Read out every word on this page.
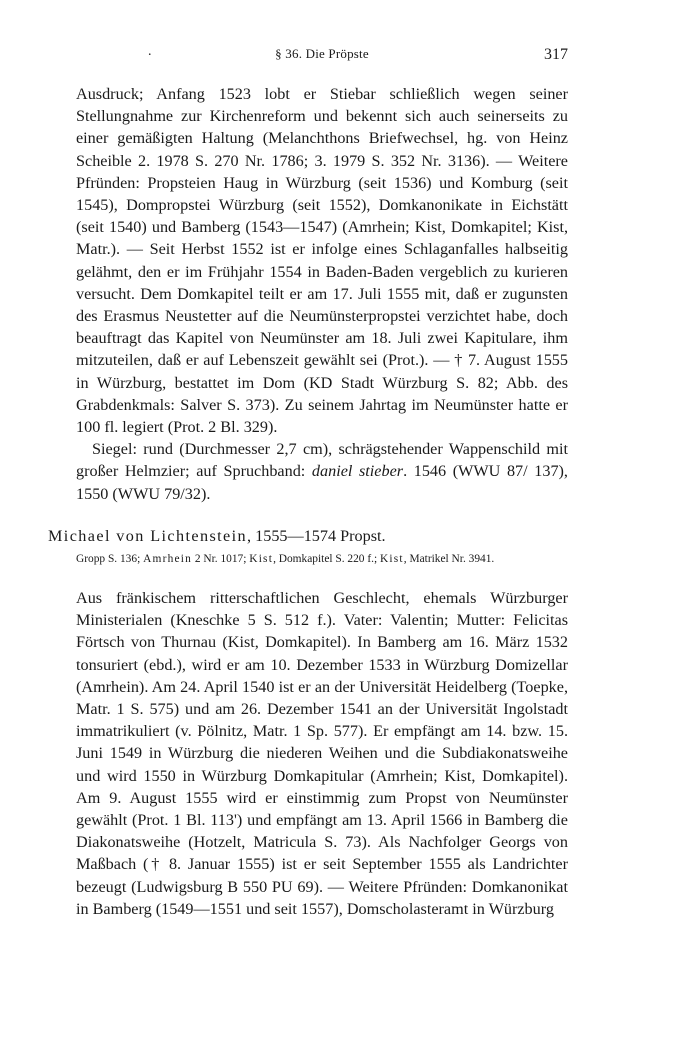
.	§ 36. Die Pröpste	317

Ausdruck; Anfang 1523 lobt er Stiebar schließlich wegen seiner Stellungnahme zur Kirchenreform und bekennt sich auch seinerseits zu einer gemäßigten Haltung (Melanchthons Briefwechsel, hg. von Heinz Scheible 2. 1978 S. 270 Nr. 1786; 3. 1979 S. 352 Nr. 3136). — Weitere Pfründen: Propsteien Haug in Würzburg (seit 1536) und Komburg (seit 1545), Dompropstei Würzburg (seit 1552), Domkanonikate in Eichstätt (seit 1540) und Bamberg (1543—1547) (Amrhein; Kist, Domkapitel; Kist, Matr.). — Seit Herbst 1552 ist er infolge eines Schlaganfalles halbseitig gelähmt, den er im Frühjahr 1554 in Baden-Baden vergeblich zu kurieren versucht. Dem Domkapitel teilt er am 17. Juli 1555 mit, daß er zugunsten des Erasmus Neustetter auf die Neumünsterpropstei verzichtet habe, doch beauftragt das Kapitel von Neumünster am 18. Juli zwei Kapitulare, ihm mitzuteilen, daß er auf Lebenszeit gewählt sei (Prot.). — † 7. August 1555 in Würzburg, bestattet im Dom (KD Stadt Würzburg S. 82; Abb. des Grabdenkmals: Salver S. 373). Zu seinem Jahrtag im Neumünster hatte er 100 fl. legiert (Prot. 2 Bl. 329).

Siegel: rund (Durchmesser 2,7 cm), schrägstehender Wappenschild mit großer Helmzier; auf Spruchband: daniel stieber. 1546 (WWU 87/ 137), 1550 (WWU 79/32).

Michael von Lichtenstein, 1555—1574 Propst.
Gropp S. 136; Amrhein 2 Nr. 1017; Kist, Domkapitel S. 220 f.; Kist, Matrikel Nr. 3941.

Aus fränkischem ritterschaftlichen Geschlecht, ehemals Würzburger Ministerialen (Kneschke 5 S. 512 f.). Vater: Valentin; Mutter: Felicitas Förtsch von Thurnau (Kist, Domkapitel). In Bamberg am 16. März 1532 tonsuriert (ebd.), wird er am 10. Dezember 1533 in Würzburg Domizellar (Amrhein). Am 24. April 1540 ist er an der Universität Heidelberg (Toepke, Matr. 1 S. 575) und am 26. Dezember 1541 an der Universität Ingolstadt immatrikuliert (v. Pölnitz, Matr. 1 Sp. 577). Er empfängt am 14. bzw. 15. Juni 1549 in Würzburg die niederen Weihen und die Subdiakonatsweihe und wird 1550 in Würzburg Domkapitular (Amrhein; Kist, Domkapitel). Am 9. August 1555 wird er einstimmig zum Propst von Neumünster gewählt (Prot. 1 Bl. 113') und empfängt am 13. April 1566 in Bamberg die Diakonatsweihe (Hotzelt, Matricula S. 73). Als Nachfolger Georgs von Maßbach († 8. Januar 1555) ist er seit September 1555 als Landrichter bezeugt (Ludwigsburg B 550 PU 69). — Weitere Pfründen: Domkanonikat in Bamberg (1549—1551 und seit 1557), Domscholasteramt in Würzburg
